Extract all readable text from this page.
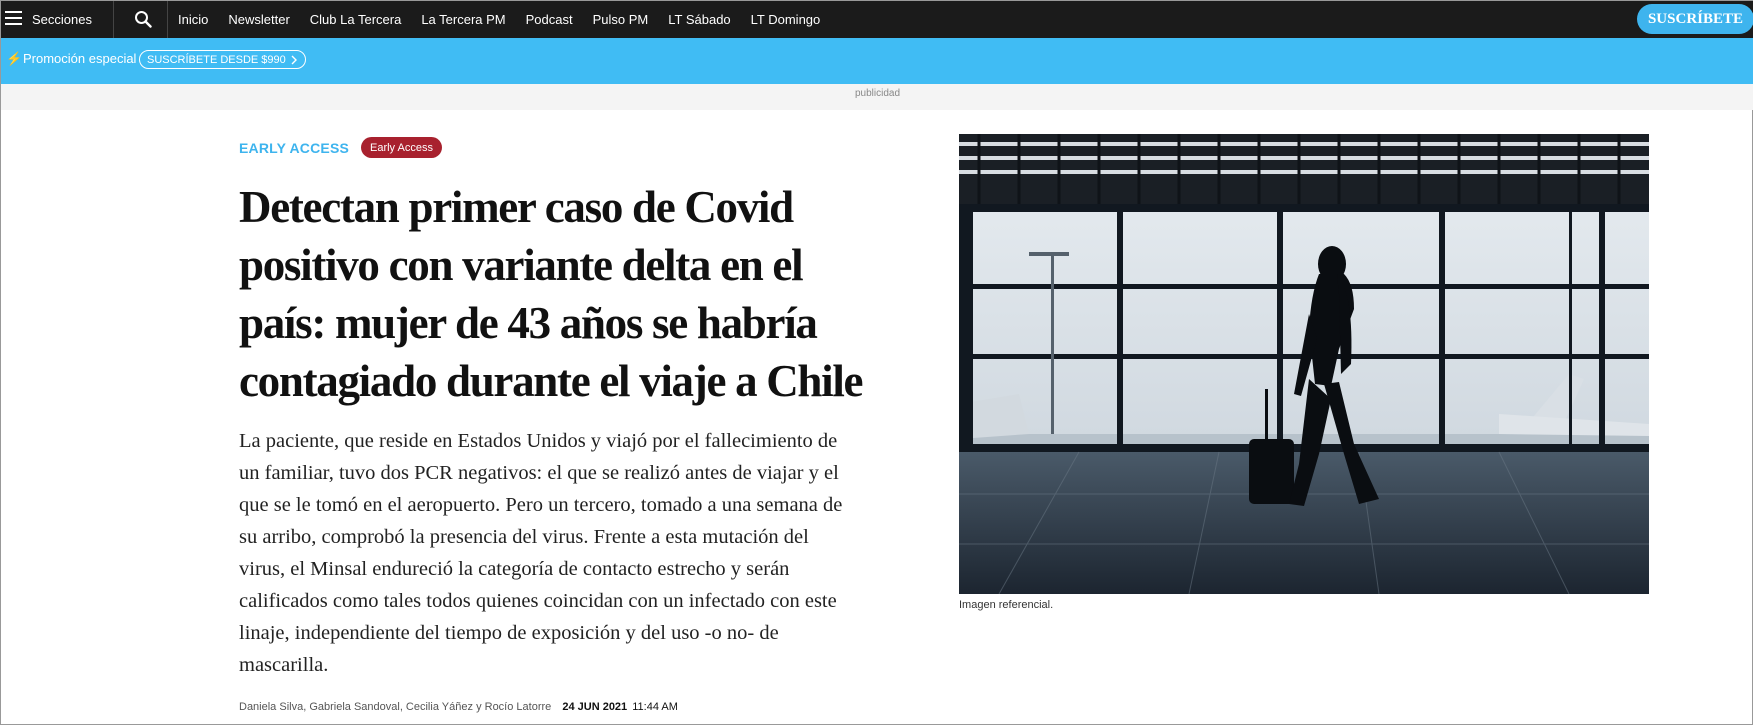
Secciones	Inicio Newsletter Club La Tercera La Tercera PM Podcast Pulso PM LT Sábado LT Domingo	SUSCRÍBETE
⚡ Promoción especial SUSCRÍBETE DESDE $990
publicidad
EARLY ACCESS	Early Access
Detectan primer caso de Covid positivo con variante delta en el país: mujer de 43 años se habría contagiado durante el viaje a Chile

La paciente, que reside en Estados Unidos y viajó por el fallecimiento de un familiar, tuvo dos PCR negativos: el que se realizó antes de viajar y el que se le tomó en el aeropuerto. Pero un tercero, tomado a una semana de su arribo, comprobó la presencia del virus. Frente a esta mutación del virus, el Minsal endureció la categoría de contacto estrecho y serán calificados como tales todos quienes coincidan con un infectado con este linaje, independiente del tiempo de exposición y del uso -o no- de mascarilla.

Daniela Silva, Gabriela Sandoval, Cecilia Yáñez y Rocío Latorre 24 JUN 2021 11:44 AM
Imagen referencial.
